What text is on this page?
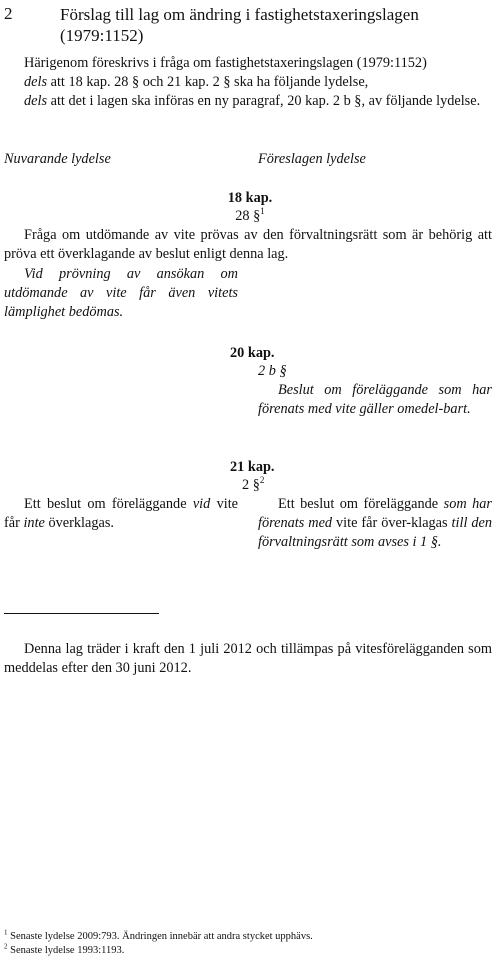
2	Förslag till lag om ändring i fastighetstaxeringslagen (1979:1152)
Härigenom föreskrivs i fråga om fastighetstaxeringslagen (1979:1152)
dels att 18 kap. 28 § och 21 kap. 2 § ska ha följande lydelse,
dels att det i lagen ska införas en ny paragraf, 20 kap. 2 b §, av följande lydelse.
Nuvarande lydelse	Föreslagen lydelse
18 kap.
28 §$^1$
Fråga om utdömande av vite prövas av den förvaltningsrätt som är behörig att pröva ett överklagande av beslut enligt denna lag.
Vid prövning av ansökan om utdömande av vite får även vitets lämplighet bedömas.
20 kap.
2 b §
Beslut om föreläggande som har förenats med vite gäller omedel-bart.
21 kap.
2 §$^2$
Ett beslut om föreläggande vid vite får inte överklagas.
Ett beslut om föreläggande som har förenats med vite får över-klagas till den förvaltningsrätt som avses i 1 §.
Denna lag träder i kraft den 1 juli 2012 och tillämpas på vitesförelägganden som meddelas efter den 30 juni 2012.
$^1$ Senaste lydelse 2009:793. Ändringen innebär att andra stycket upphävs.
$^2$ Senaste lydelse 1993:1193.
